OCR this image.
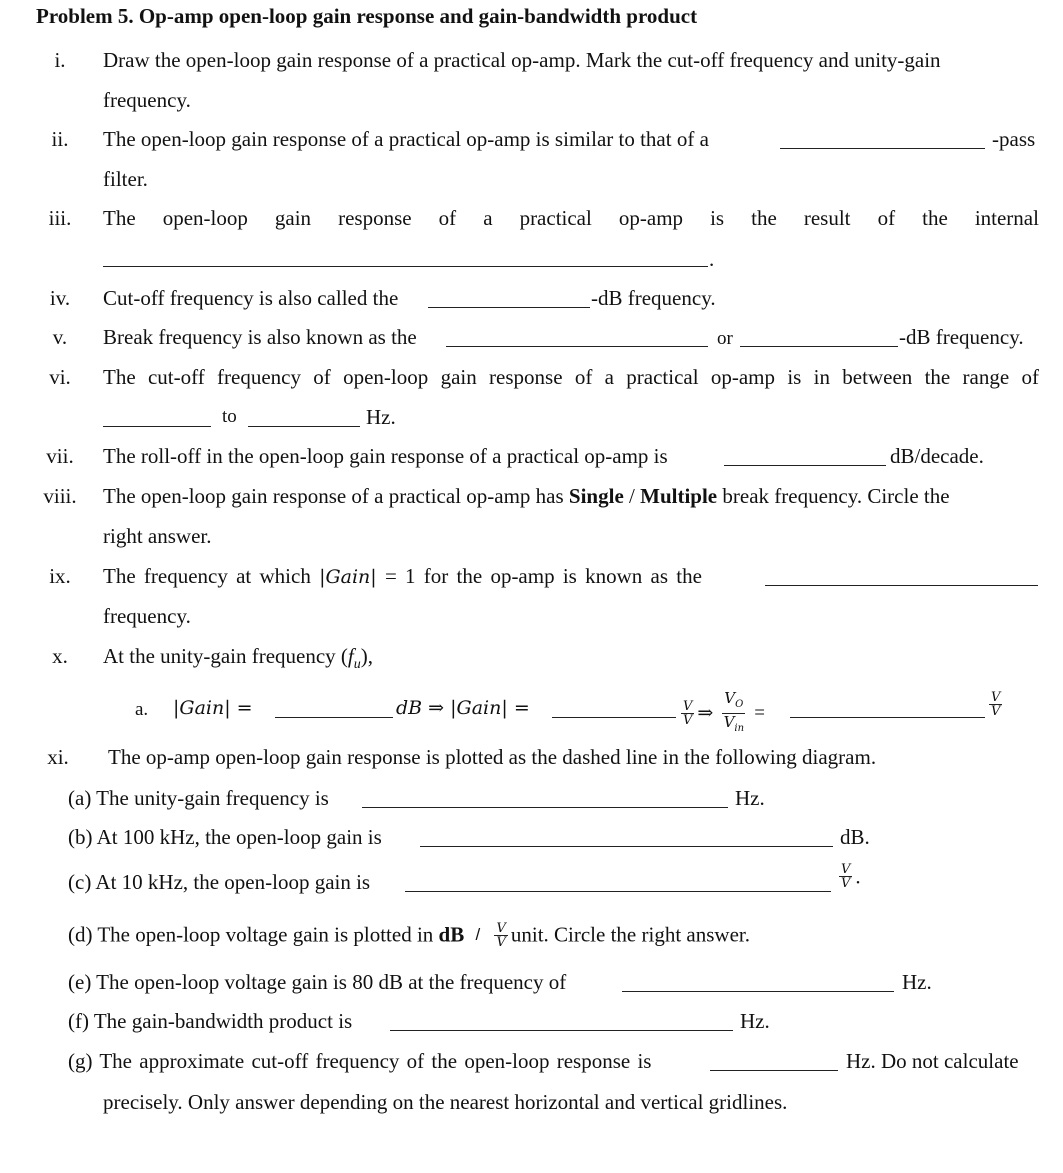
Problem 5. Op-amp open-loop gain response and gain-bandwidth product
i.	Draw the open-loop gain response of a practical op-amp. Mark the cut-off frequency and unity-gain
frequency.
ii.	The open-loop gain response of a practical op-amp is similar to that of a	-pass
filter.
iii.	The open-loop gain response of a practical op-amp is the result of the internal
.
iv.	Cut-off frequency is also called the	-dB frequency.
v.	Break frequency is also known as the	or	-dB frequency.
vi.	The cut-off frequency of open-loop gain response of a practical op-amp is in between the range of
to	Hz.
vii. The roll-off in the open-loop gain response of a practical op-amp is	dB/decade.
viii. The open-loop gain response of a practical op-amp has Single / Multiple break frequency. Circle the
right answer.
ix.	The frequency at which |Gain| = 1 for the op-amp is known as the
frequency.
x.	At the unity-gain frequency $(f_u)$,
a. |Gain| =	dB ⇒ |Gain| =	$\frac{V}{V}$ ⇒ $\frac{V_O}{V_{in}}$ =	$\frac{V}{V}$
xi.	The op-amp open-loop gain response is plotted as the dashed line in the following diagram.
(a) The unity-gain frequency is	Hz.
(b) At 100 kHz, the open-loop gain is	dB.
(c) At 10 kHz, the open-loop gain is	$\frac{V}{V}$ .
(d) The open-loop voltage gain is plotted in dB / $\frac{V}{V}$ unit. Circle the right answer.
(e) The open-loop voltage gain is 80 dB at the frequency of	Hz.
(f) The gain-bandwidth product is	Hz.
(g) The approximate cut-off frequency of the open-loop response is	Hz. Do not calculate
precisely. Only answer depending on the nearest horizontal and vertical gridlines.
